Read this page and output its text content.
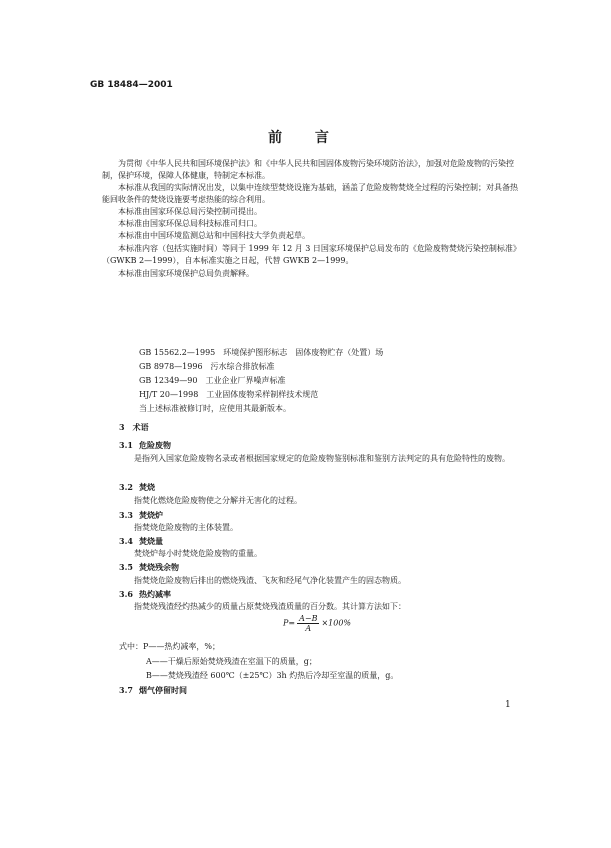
GB 18484—2001
前 言
为贯彻《中华人民共和国环境保护法》和《中华人民共和国固体废物污染环境防治法》，加强对危险废物的污染控制，保护环境，保障人体健康，特制定本标准。
本标准从我国的实际情况出发，以集中连续型焚烧设施为基础，涵盖了危险废物焚烧全过程的污染控制；对具备热能回收条件的焚烧设施要考虑热能的综合利用。
本标准由国家环保总局污染控制司提出。
本标准由国家环保总局科技标准司归口。
本标准由中国环境监测总站和中国科技大学负责起草。
本标准内容（包括实施时间）等同于 1999 年 12 月 3 日国家环境保护总局发布的《危险废物焚烧污染控制标准》（GWKB 2—1999），自本标准实施之日起，代替 GWKB 2—1999。
本标准由国家环境保护总局负责解释。
GB 15562.2—1995　环境保护图形标志　固体废物贮存（处置）场
GB 8978—1996　污水综合排放标准
GB 12349—90　工业企业厂界噪声标准
HJ/T 20—1998　工业固体废物采样制样技术规范
当上述标准被修订时，应使用其最新版本。
3　术语
3.1 危险废物
是指列入国家危险废物名录或者根据国家规定的危险废物鉴别标准和鉴别方法判定的具有危险特性的废物。
3.2 焚烧
指焚化燃烧危险废物使之分解并无害化的过程。
3.3 焚烧炉
指焚烧危险废物的主体装置。
3.4 焚烧量
焚烧炉每小时焚烧危险废物的重量。
3.5 焚烧残余物
指焚烧危险废物后排出的燃烧残渣、飞灰和经尾气净化装置产生的固态物质。
3.6 热灼减率
指焚烧残渣经灼热减少的质量占原焚烧残渣质量的百分数。其计算方法如下：
$P= \frac{A-B}{A} \times 100\%$
式中：P——热灼减率，%；
A——干燥后原始焚烧残渣在室温下的质量，g；
B——焚烧残渣经 600℃（±25℃）3h 灼热后冷却至室温的质量，g。
3.7 烟气停留时间
1
